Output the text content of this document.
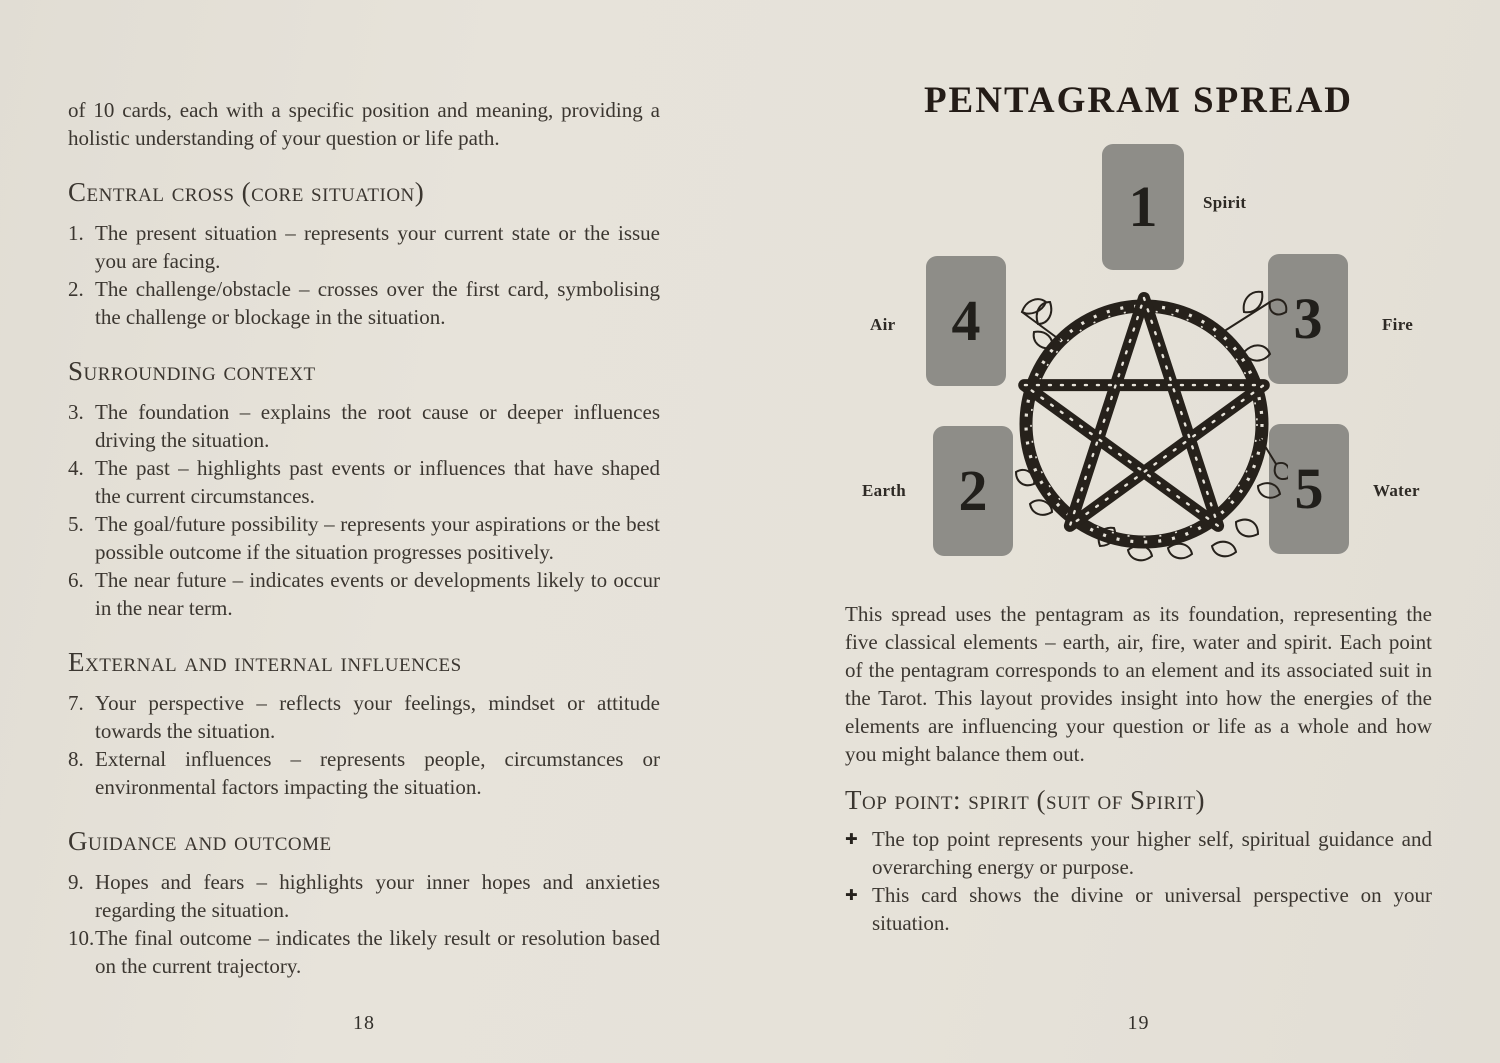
of 10 cards, each with a specific position and meaning, providing a holistic understanding of your question or life path.

Central cross (core situation)
1. The present situation – represents your current state or the issue you are facing.
2. The challenge/obstacle – crosses over the first card, symbolising the challenge or blockage in the situation.
Surrounding context
3. The foundation – explains the root cause or deeper influences driving the situation.
4. The past – highlights past events or influences that have shaped the current circumstances.
5. The goal/future possibility – represents your aspirations or the best possible outcome if the situation progresses positively.
6. The near future – indicates events or developments likely to occur in the near term.
External and internal influences
7. Your perspective – reflects your feelings, mindset or attitude towards the situation.
8. External influences – represents people, circumstances or environmental factors impacting the situation.
Guidance and outcome
9. Hopes and fears – highlights your inner hopes and anxieties regarding the situation.
10. The final outcome – indicates the likely result or resolution based on the current trajectory.
18
PENTAGRAM SPREAD
1
4	3
2	5
Spirit
Air	Fire
Earth	Water

This spread uses the pentagram as its foundation, representing the five classical elements – earth, air, fire, water and spirit. Each point of the pentagram corresponds to an element and its associated suit in the Tarot. This layout provides insight into how the energies of the elements are influencing your question or life as a whole and how you might balance them out.

Top point: spirit (suit of Spirit)
✚ The top point represents your higher self, spiritual guidance and overarching energy or purpose.
✚ This card shows the divine or universal perspective on your situation.
19
